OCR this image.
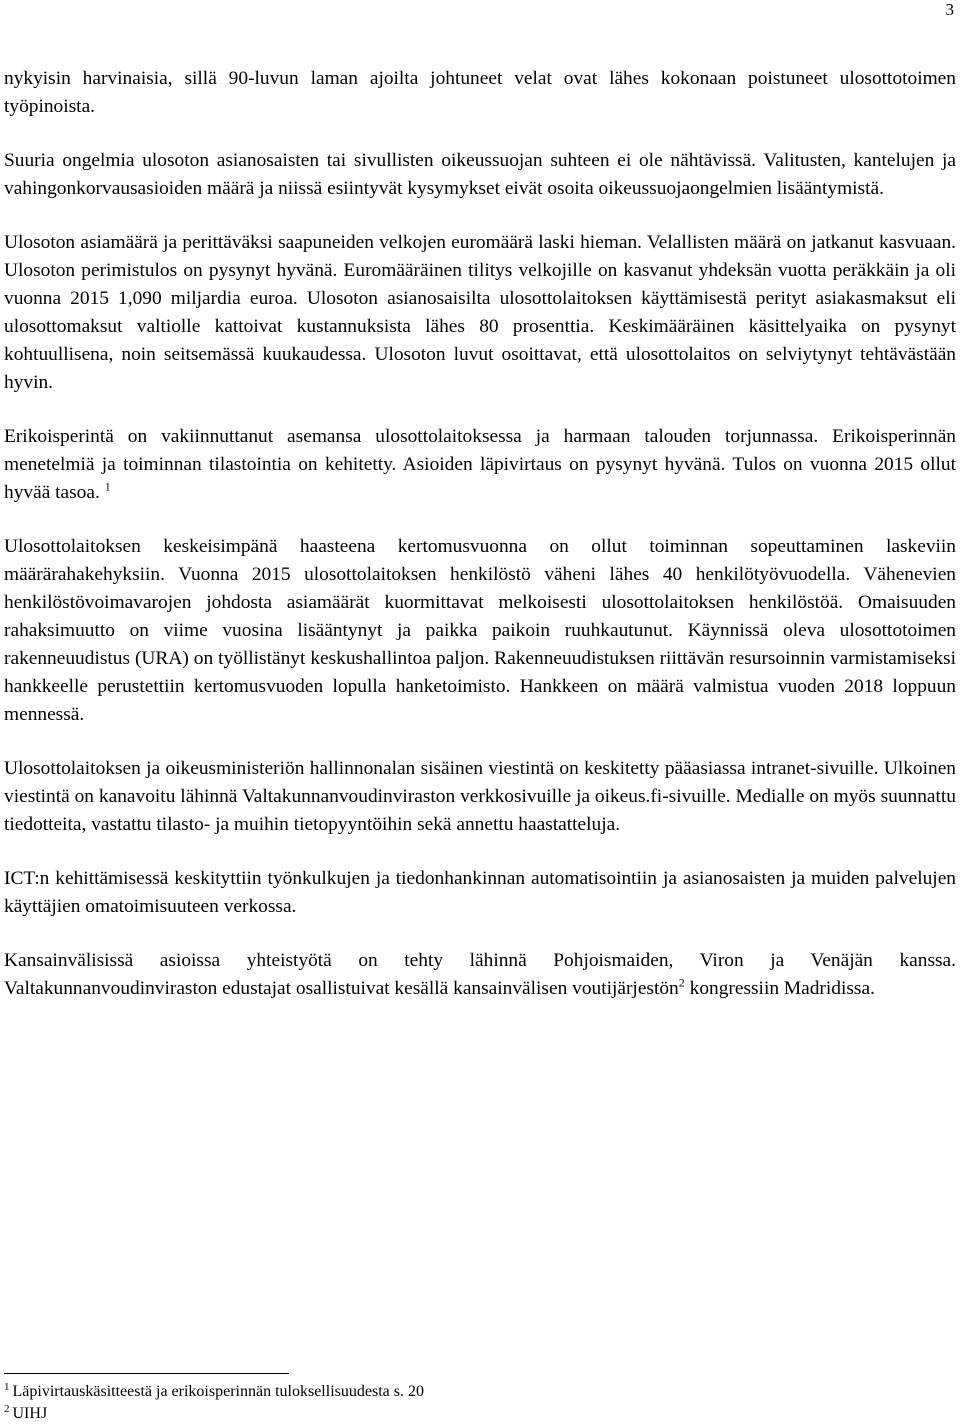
3

nykyisin harvinaisia, sillä 90-luvun laman ajoilta johtuneet velat ovat lähes kokonaan poistuneet ulosottotoimen työpinoista.

Suuria ongelmia ulosoton asianosaisten tai sivullisten oikeussuojan suhteen ei ole nähtävissä. Valitusten, kantelujen ja vahingonkorvausasioiden määrä ja niissä esiintyvät kysymykset eivät osoita oikeussuojaongelmien lisääntymistä.

Ulosoton asiamäärä ja perittäväksi saapuneiden velkojen euromäärä laski hieman. Velallisten määrä on jatkanut kasvuaan. Ulosoton perimistulos on pysynyt hyvänä. Euromääräinen tilitys velkojille on kasvanut yhdeksän vuotta peräkkäin ja oli vuonna 2015 1,090 miljardia euroa. Ulosoton asianosaisilta ulosottolaitoksen käyttämisestä perityt asiakasmaksut eli ulosottomaksut valtiolle kattoivat kustannuksista lähes 80 prosenttia. Keskimääräinen käsittelyaika on pysynyt kohtuullisena, noin seitsemässä kuukaudessa. Ulosoton luvut osoittavat, että ulosottolaitos on selviytynyt tehtävästään hyvin.

Erikoisperintä on vakiinnuttanut asemansa ulosottolaitoksessa ja harmaan talouden torjunnassa. Erikoisperinnän menetelmiä ja toiminnan tilastointia on kehitetty. Asioiden läpivirtaus on pysynyt hyvänä. Tulos on vuonna 2015 ollut hyvää tasoa. $^1$

Ulosottolaitoksen keskeisimpänä haasteena kertomusvuonna on ollut toiminnan sopeuttaminen laskeviin määrärahakehyksiin. Vuonna 2015 ulosottolaitoksen henkilöstö väheni lähes 40 henkilötyövuodella. Vähenevien henkilöstövoimavarojen johdosta asiamäärät kuormittavat melkoisesti ulosottolaitoksen henkilöstöä. Omaisuuden rahaksimuutto on viime vuosina lisääntynyt ja paikka paikoin ruuhkautunut. Käynnissä oleva ulosottotoimen rakenneuudistus (URA) on työllistänyt keskushallintoa paljon. Rakenneuudistuksen riittävän resursoinnin varmistamiseksi hankkeelle perustettiin kertomusvuoden lopulla hanketoimisto. Hankkeen on määrä valmistua vuoden 2018 loppuun mennessä.

Ulosottolaitoksen ja oikeusministeriön hallinnonalan sisäinen viestintä on keskitetty pääasiassa intranet-sivuille. Ulkoinen viestintä on kanavoitu lähinnä Valtakunnanvoudinviraston verkkosivuille ja oikeus.fi-sivuille. Medialle on myös suunnattu tiedotteita, vastattu tilasto- ja muihin tietopyyntöihin sekä annettu haastatteluja.

ICT:n kehittämisessä keskityttiin työnkulkujen ja tiedonhankinnan automatisointiin ja asianosaisten ja muiden palvelujen käyttäjien omatoimisuuteen verkossa.

Kansainvälisissä asioissa yhteistyötä on tehty lähinnä Pohjoismaiden, Viron ja Venäjän kanssa. Valtakunnanvoudinviraston edustajat osallistuivat kesällä kansainvälisen voutijärjestön$^2$ kongressiin Madridissa.

$^1$ Läpivirtauskäsitteestä ja erikoisperinnän tuloksellisuudesta s. 20
$^2$ UIHJ
